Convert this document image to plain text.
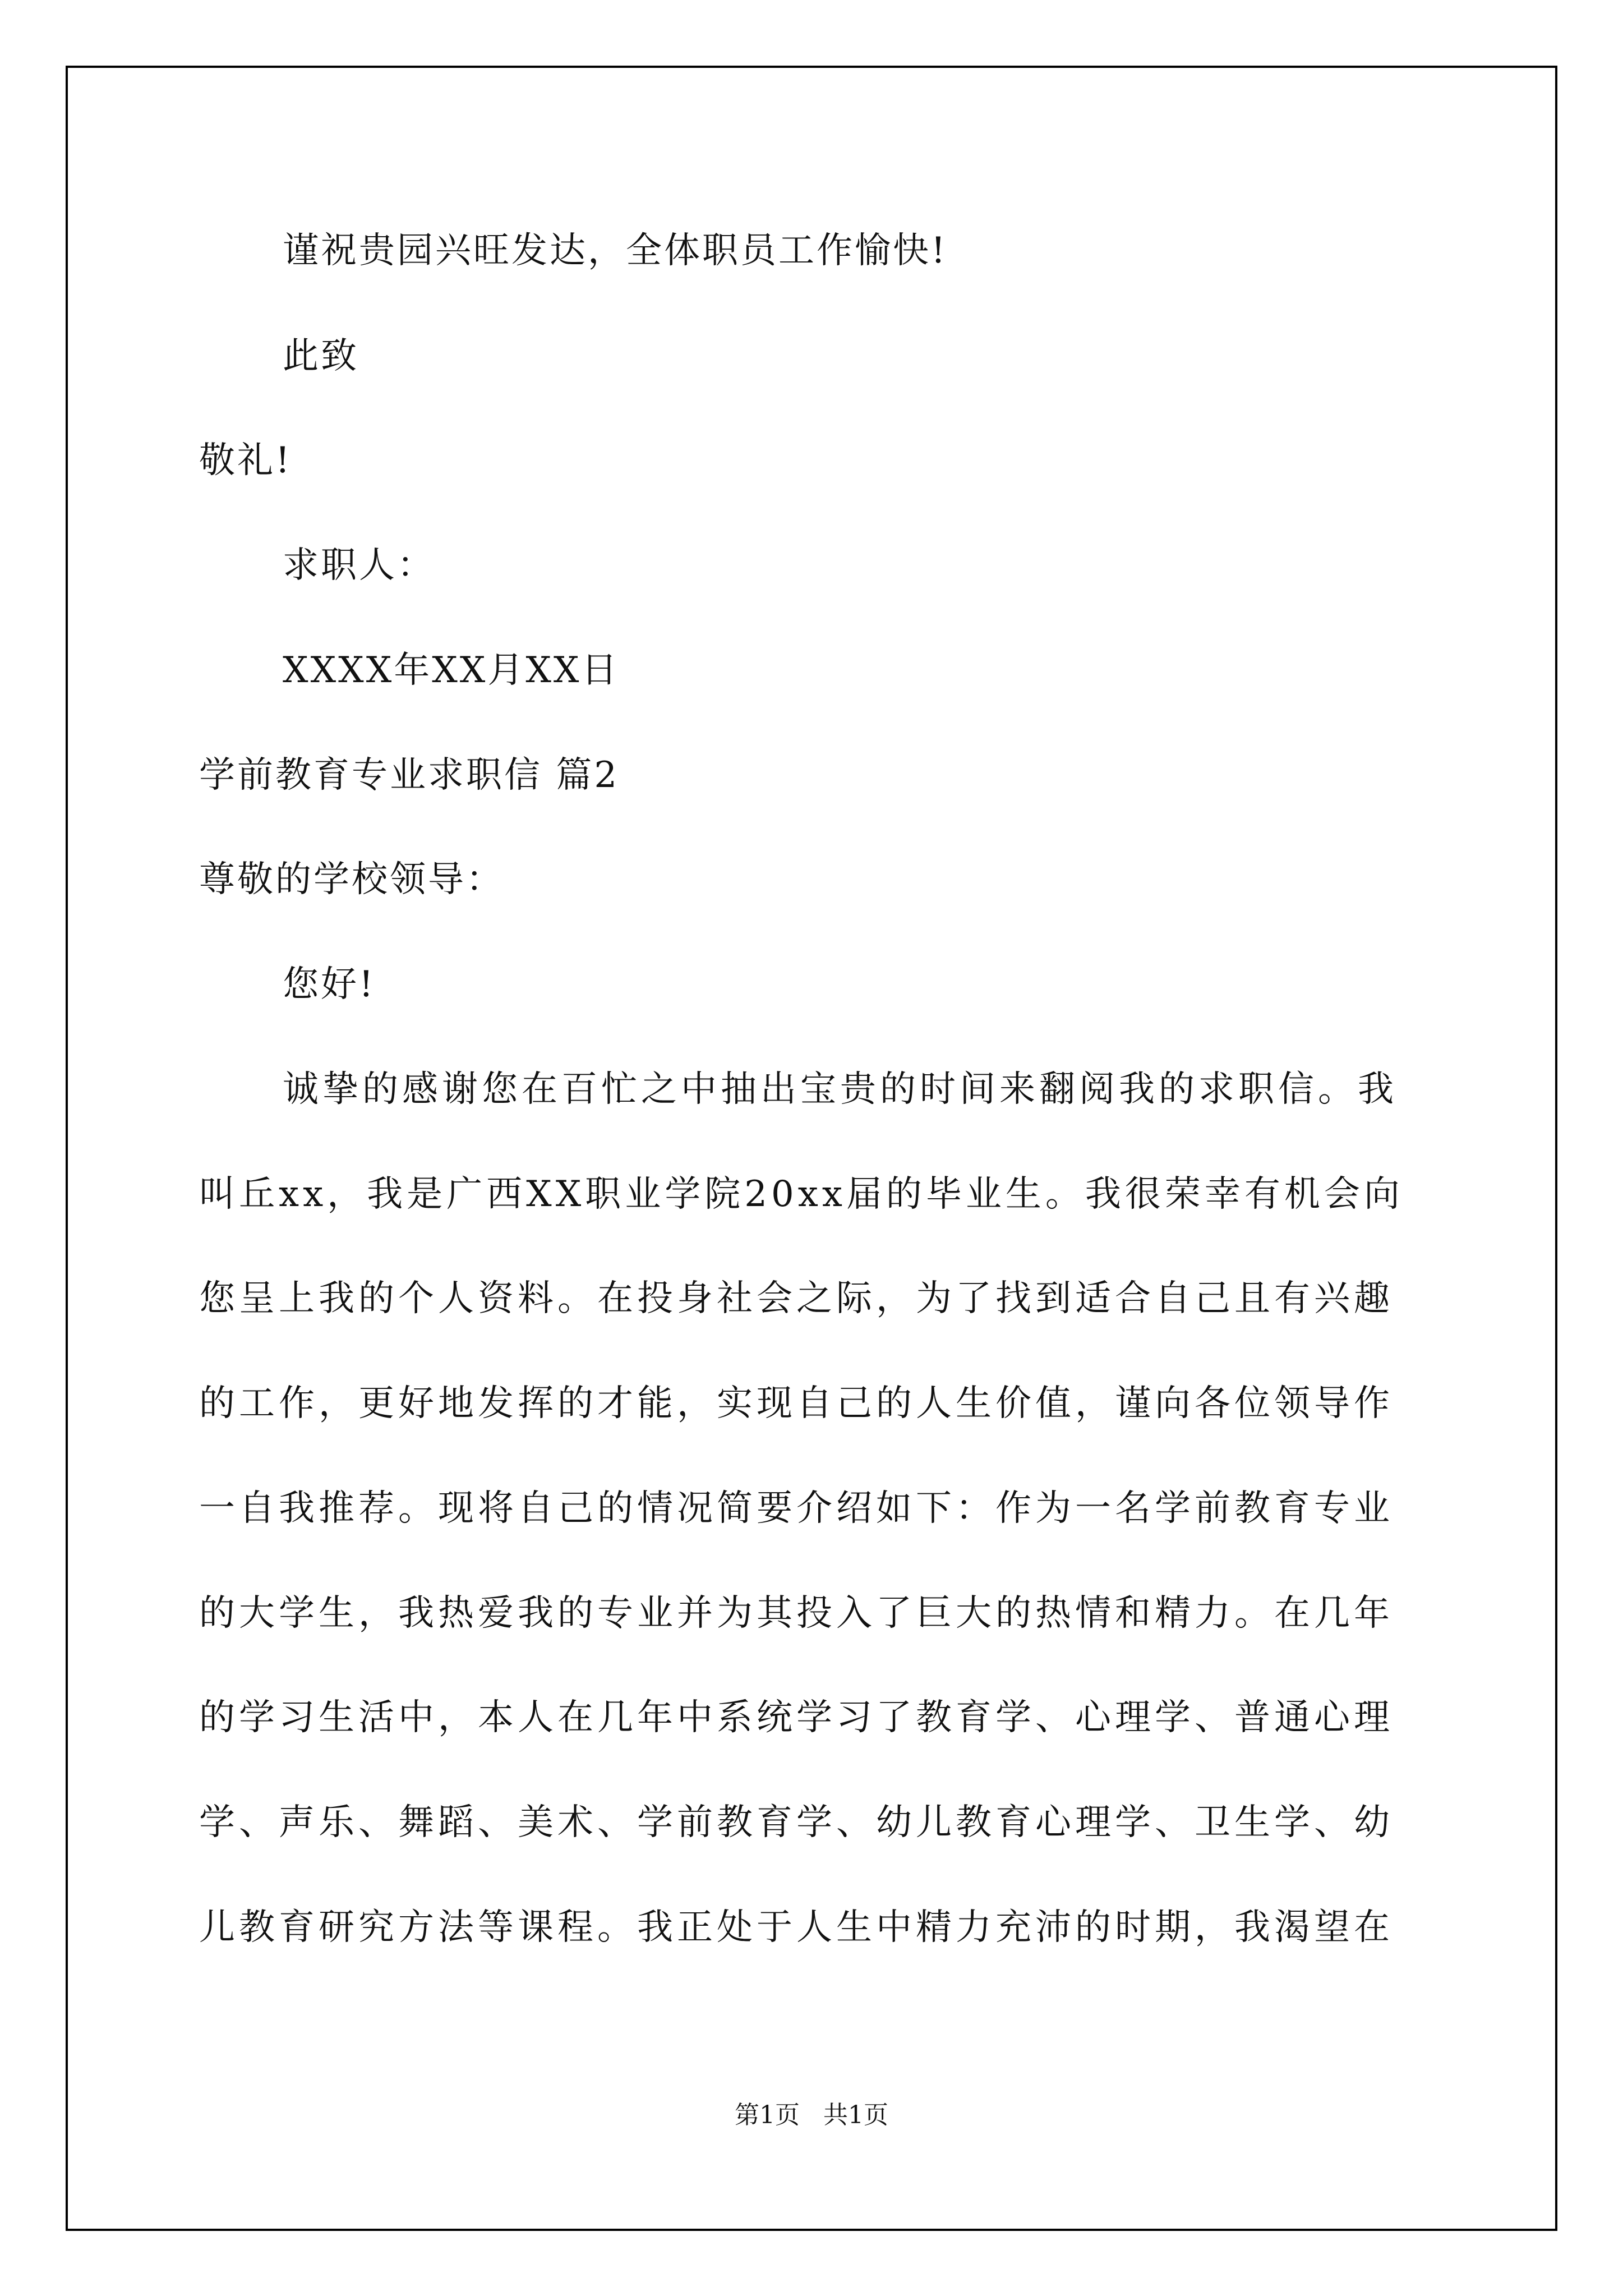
谨祝贵园兴旺发达，全体职员工作愉快!
此致
敬礼!
求职人：
XXXX年XX月XX日
学前教育专业求职信 篇2
尊敬的学校领导：
您好!
诚挚的感谢您在百忙之中抽出宝贵的时间来翻阅我的求职信。我
叫丘xx，我是广西XX职业学院20xx届的毕业生。我很荣幸有机会向
您呈上我的个人资料。在投身社会之际，为了找到适合自己且有兴趣
的工作，更好地发挥的才能，实现自己的人生价值，谨向各位领导作
一自我推荐。现将自己的情况简要介绍如下：作为一名学前教育专业
的大学生，我热爱我的专业并为其投入了巨大的热情和精力。在几年
的学习生活中，本人在几年中系统学习了教育学、心理学、普通心理
学、声乐、舞蹈、美术、学前教育学、幼儿教育心理学、卫生学、幼
儿教育研究方法等课程。我正处于人生中精力充沛的时期，我渴望在
第1页 共1页
